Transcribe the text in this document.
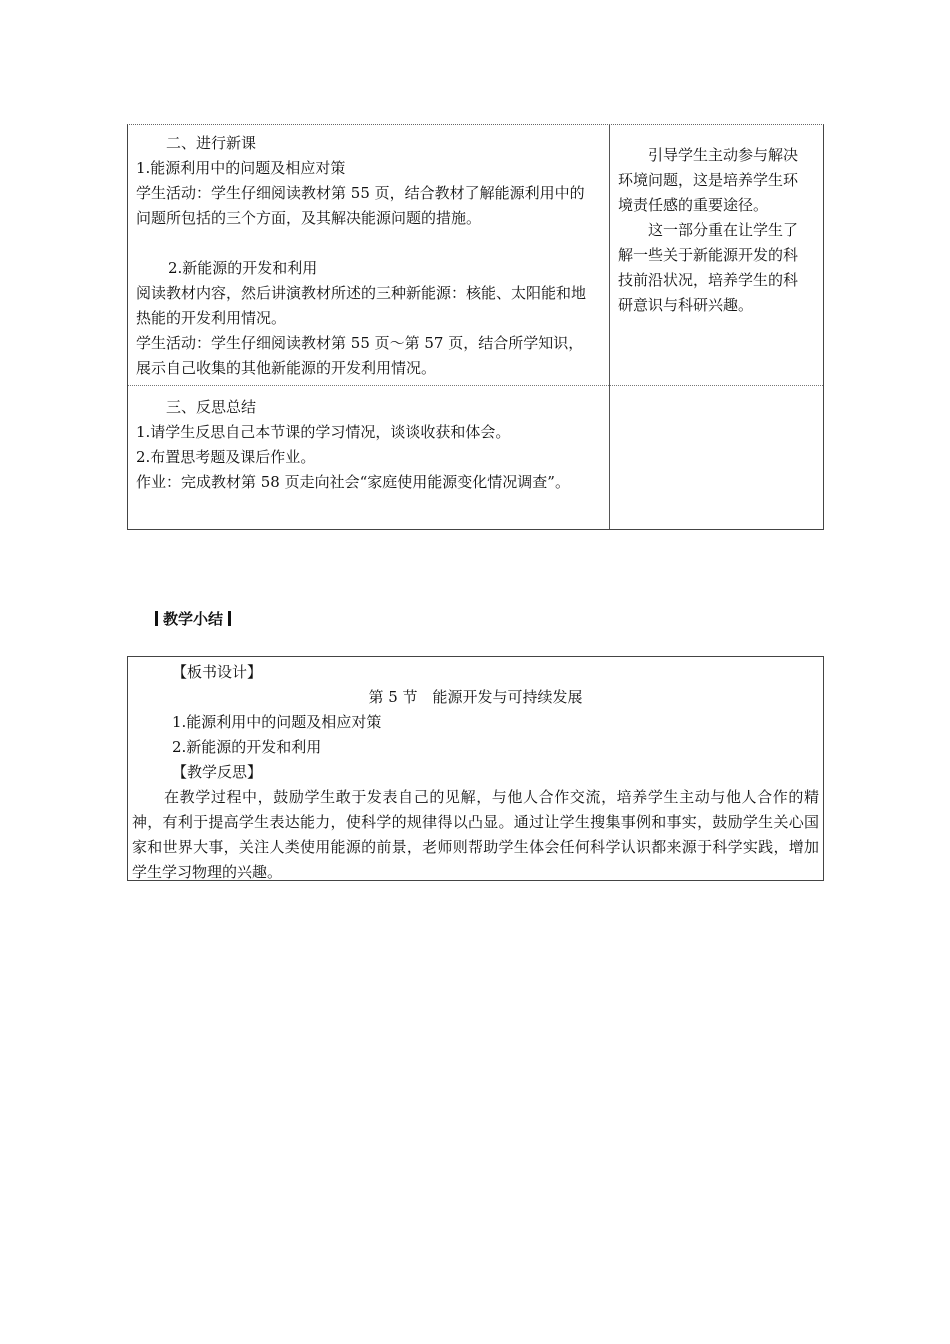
二、进行新课

1.能源利用中的问题及相应对策

学生活动：学生仔细阅读教材第 55 页，结合教材了解能源利用中的问题所包括的三个方面，及其解决能源问题的措施。

2.新能源的开发和利用

阅读教材内容，然后讲演教材所述的三种新能源：核能、太阳能和地热能的开发利用情况。

学生活动：学生仔细阅读教材第 55 页～第 57 页，结合所学知识，展示自己收集的其他新能源的开发利用情况。

引导学生主动参与解决环境问题，这是培养学生环境责任感的重要途径。

这一部分重在让学生了解一些关于新能源开发的科技前沿状况，培养学生的科研意识与科研兴趣。

三、反思总结

1.请学生反思自己本节课的学习情况，谈谈收获和体会。

2.布置思考题及课后作业。

作业：完成教材第 58 页走向社会“家庭使用能源变化情况调查”。

教学小结

【板书设计】

第 5 节　能源开发与可持续发展

1.能源利用中的问题及相应对策

2.新能源的开发和利用

【教学反思】

在教学过程中，鼓励学生敢于发表自己的见解，与他人合作交流，培养学生主动与他人合作的精神，有利于提高学生表达能力，使科学的规律得以凸显。通过让学生搜集事例和事实，鼓励学生关心国家和世界大事，关注人类使用能源的前景，老师则帮助学生体会任何科学认识都来源于科学实践，增加学生学习物理的兴趣。
